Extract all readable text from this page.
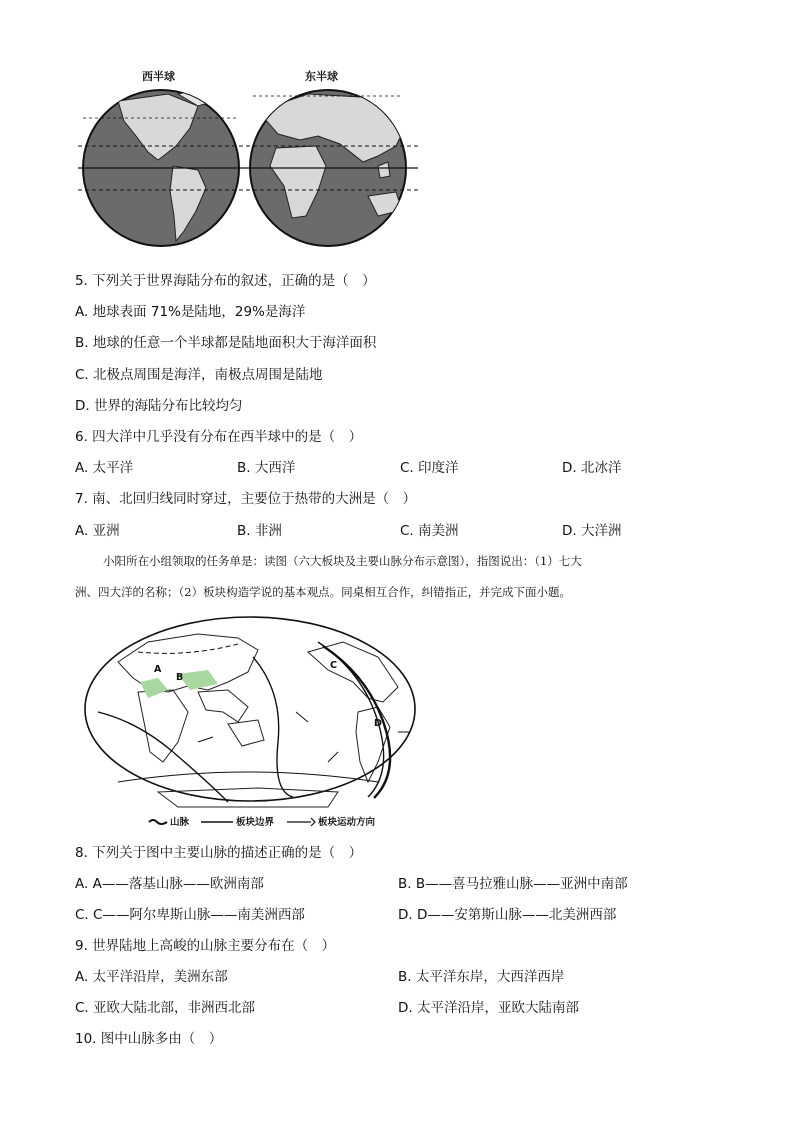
西半球	东半球
5. 下列关于世界海陆分布的叙述，正确的是（　）
A. 地球表面 71%是陆地，29%是海洋
B. 地球的任意一个半球都是陆地面积大于海洋面积
C. 北极点周围是海洋，南极点周围是陆地
D. 世界的海陆分布比较均匀
6. 四大洋中几乎没有分布在西半球中的是（　）
A. 太平洋	B. 大西洋	C. 印度洋	D. 北冰洋
7. 南、北回归线同时穿过，主要位于热带的大洲是（　）
A. 亚洲	B. 非洲	C. 南美洲	D. 大洋洲
小阳所在小组领取的任务单是：读图（六大板块及主要山脉分布示意图），指图说出：（1）七大
洲、四大洋的名称；（2）板块构造学说的基本观点。同桌相互合作，纠错指正，并完成下面小题。
A
B
C
D
山脉	板块边界	板块运动方向
8. 下列关于图中主要山脉的描述正确的是（　）
A. A——落基山脉——欧洲南部	B. B——喜马拉雅山脉——亚洲中南部
C. C——阿尔卑斯山脉——南美洲西部	D. D——安第斯山脉——北美洲西部
9. 世界陆地上高峻的山脉主要分布在（　）
A. 太平洋沿岸，美洲东部	B. 太平洋东岸，大西洋西岸
C. 亚欧大陆北部，非洲西北部	D. 太平洋沿岸，亚欧大陆南部
10. 图中山脉多由（　）
